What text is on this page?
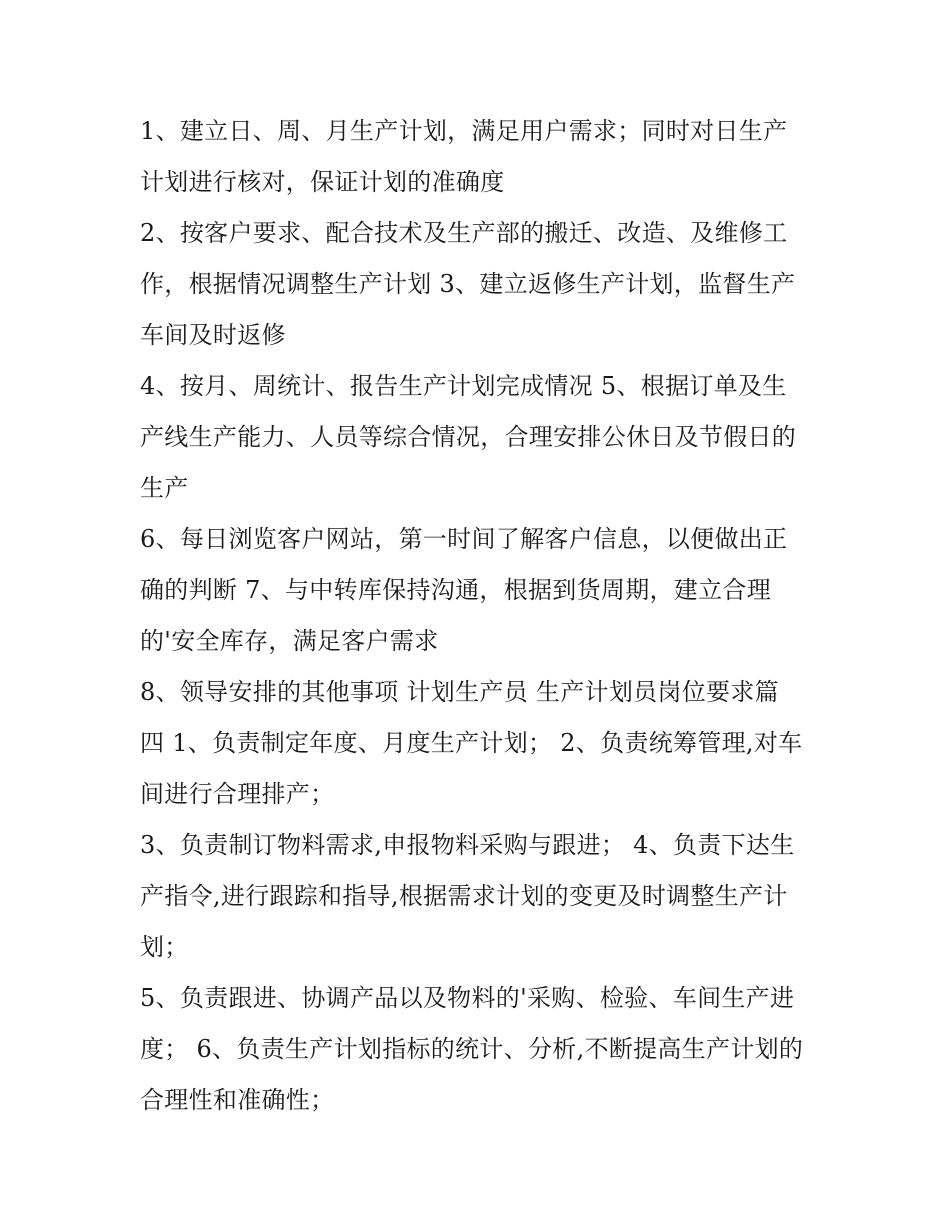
1、建立日、周、月生产计划，满足用户需求；同时对日生产
计划进行核对，保证计划的准确度
2、按客户要求、配合技术及生产部的搬迁、改造、及维修工
作，根据情况调整生产计划 3、建立返修生产计划，监督生产
车间及时返修
4、按月、周统计、报告生产计划完成情况 5、根据订单及生
产线生产能力、人员等综合情况，合理安排公休日及节假日的
生产
6、每日浏览客户网站，第一时间了解客户信息，以便做出正
确的判断 7、与中转库保持沟通，根据到货周期，建立合理
的'安全库存，满足客户需求
8、领导安排的其他事项 计划生产员 生产计划员岗位要求篇
四 1、负责制定年度、月度生产计划； 2、负责统筹管理,对车
间进行合理排产；
3、负责制订物料需求,申报物料采购与跟进； 4、负责下达生
产指令,进行跟踪和指导,根据需求计划的变更及时调整生产计
划；
5、负责跟进、协调产品以及物料的'采购、检验、车间生产进
度； 6、负责生产计划指标的统计、分析,不断提高生产计划的
合理性和准确性；
